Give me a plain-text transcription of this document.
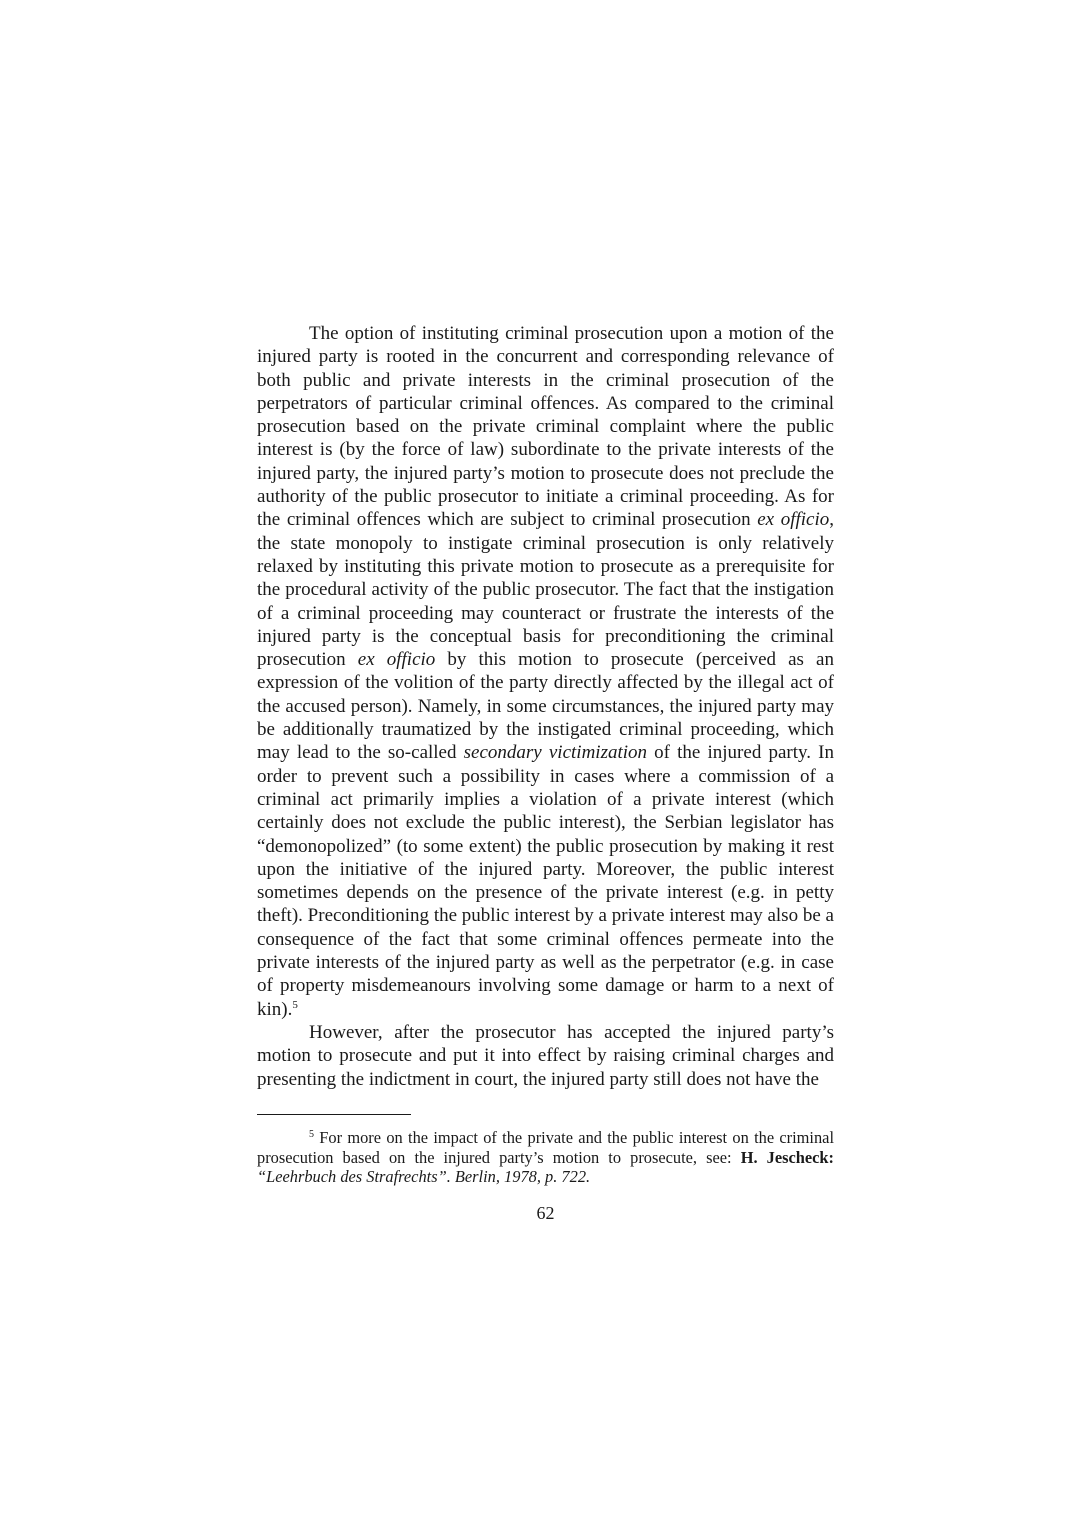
The option of instituting criminal prosecution upon a motion of the injured party is rooted in the concurrent and corresponding relevance of both public and private interests in the criminal prosecution of the perpetrators of particular criminal offences. As compared to the criminal prosecution based on the private criminal complaint where the public interest is (by the force of law) subordinate to the private interests of the injured party, the injured party’s motion to prosecute does not preclude the authority of the public prosecutor to initiate a criminal proceeding. As for the criminal offences which are subject to criminal prosecution ex officio, the state monopoly to instigate criminal prosecution is only relatively relaxed by instituting this private motion to prosecute as a prerequisite for the procedural activity of the public prosecutor. The fact that the instigation of a criminal proceeding may counteract or frustrate the interests of the injured party is the conceptual basis for preconditioning the criminal prosecution ex officio by this motion to prosecute (perceived as an expression of the volition of the party directly affected by the illegal act of the accused person). Namely, in some circumstances, the injured party may be additionally traumatized by the instigated criminal proceeding, which may lead to the so-called secondary victimization of the injured party. In order to prevent such a possibility in cases where a commission of a criminal act primarily implies a violation of a private interest (which certainly does not exclude the public interest), the Serbian legislator has “demonopolized” (to some extent) the public prosecution by making it rest upon the initiative of the injured party. Moreover, the public interest sometimes depends on the presence of the private interest (e.g. in petty theft). Preconditioning the public interest by a private interest may also be a consequence of the fact that some criminal offences permeate into the private interests of the injured party as well as the perpetrator (e.g. in case of property misdemeanours involving some damage or harm to a next of kin).$^5$

However, after the prosecutor has accepted the injured party’s motion to prosecute and put it into effect by raising criminal charges and presenting the indictment in court, the injured party still does not have the

$^5$ For more on the impact of the private and the public interest on the criminal prosecution based on the injured party’s motion to prosecute, see: H. Jescheck: “Leehrbuch des Strafrechts”. Berlin, 1978, p. 722.

62
